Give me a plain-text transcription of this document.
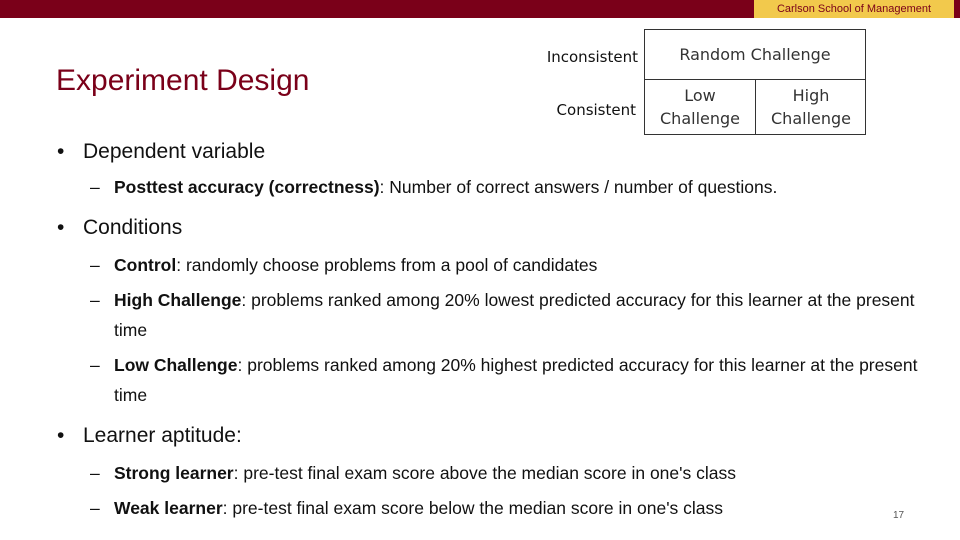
Carlson School of Management
Experiment Design
Inconsistent
Consistent
Random Challenge
Low
Challenge
High
Challenge
• Dependent variable
– Posttest accuracy (correctness): Number of correct answers / number of questions.
• Conditions
– Control: randomly choose problems from a pool of candidates
– High Challenge: problems ranked among 20% lowest predicted accuracy for this learner at the present time
– Low Challenge: problems ranked among 20% highest predicted accuracy for this learner at the present time
• Learner aptitude:
– Strong learner: pre-test final exam score above the median score in one's class
– Weak learner: pre-test final exam score below the median score in one's class	17
